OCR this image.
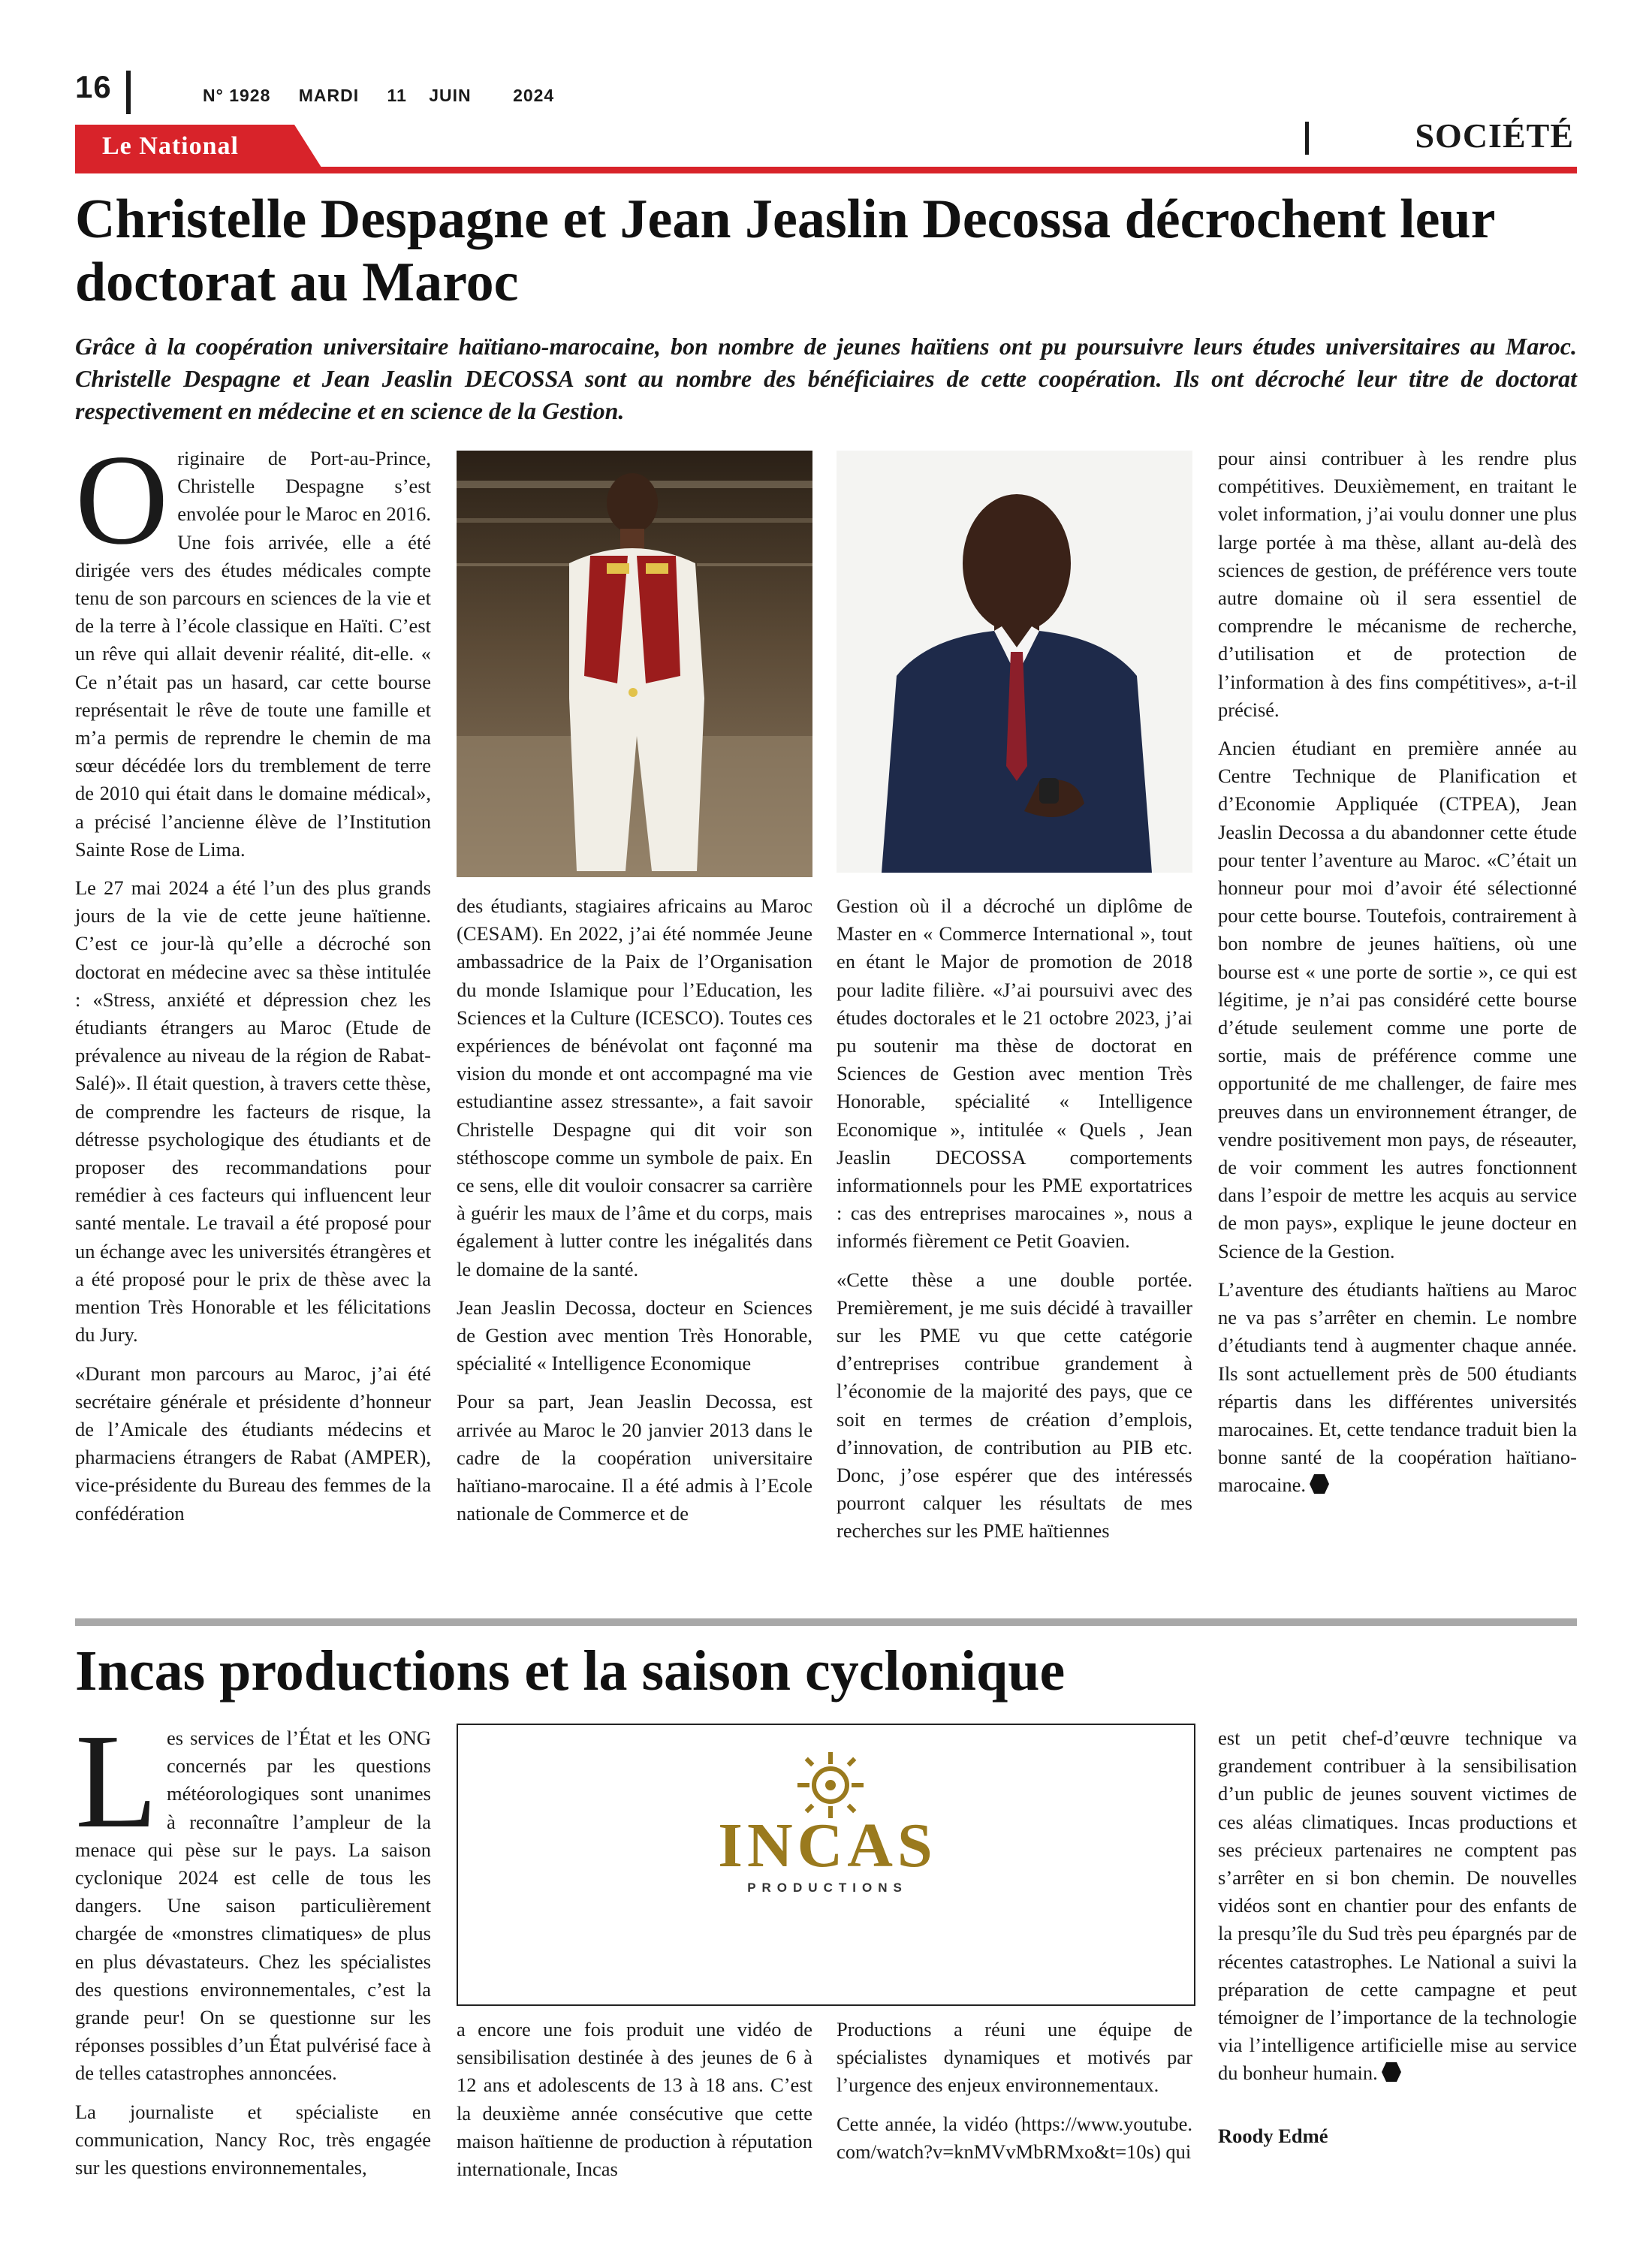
16	N° 1928 MARDI 11 JUIN 2024
Le National	SOCIÉTÉ
Christelle Despagne et Jean Jeaslin Decossa décrochent leur doctorat au Maroc
Grâce à la coopération universitaire haïtiano-marocaine, bon nombre de jeunes haïtiens ont pu poursuivre leurs études universitaires au Maroc. Christelle Despagne et Jean Jeaslin DECOSSA sont au nombre des bénéficiaires de cette coopération. Ils ont décroché leur titre de doctorat respectivement en médecine et en science de la Gestion.

Originaire de Port-au-Prince, Christelle Despagne s’est envolée pour le Maroc en 2016. Une fois arrivée, elle a été dirigée vers des études médicales compte tenu de son parcours en sciences de la vie et de la terre à l’école classique en Haïti. C’est un rêve qui allait devenir réalité, dit-elle. « Ce n’était pas un hasard, car cette bourse représentait le rêve de toute une famille et m’a permis de reprendre le chemin de ma sœur décédée lors du tremblement de terre de 2010 qui était dans le domaine médical», a précisé l’ancienne élève de l’Institution Sainte Rose de Lima.

Le 27 mai 2024 a été l’un des plus grands jours de la vie de cette jeune haïtienne. C’est ce jour-là qu’elle a décroché son doctorat en médecine avec sa thèse intitulée : «Stress, anxiété et dépression chez les étudiants étrangers au Maroc (Etude de prévalence au niveau de la région de Rabat-Salé)». Il était question, à travers cette thèse, de comprendre les facteurs de risque, la détresse psychologique des étudiants et de proposer des recommandations pour remédier à ces facteurs qui influencent leur santé mentale. Le travail a été proposé pour un échange avec les universités étrangères et a été proposé pour le prix de thèse avec la mention Très Honorable et les félicitations du Jury.

«Durant mon parcours au Maroc, j’ai été secrétaire générale et présidente d’honneur de l’Amicale des étudiants médecins et pharmaciens étrangers de Rabat (AMPER), vice-présidente du Bureau des femmes de la confédération

des étudiants, stagiaires africains au Maroc (CESAM). En 2022, j’ai été nommée Jeune ambassadrice de la Paix de l’Organisation du monde Islamique pour l’Education, les Sciences et la Culture (ICESCO). Toutes ces expériences de bénévolat ont façonné ma vision du monde et ont accompagné ma vie estudiantine assez stressante», a fait savoir Christelle Despagne qui dit voir son stéthoscope comme un symbole de paix. En ce sens, elle dit vouloir consacrer sa carrière à guérir les maux de l’âme et du corps, mais également à lutter contre les inégalités dans le domaine de la santé.

Jean Jeaslin Decossa, docteur en Sciences de Gestion avec mention Très Honorable, spécialité « Intelligence Economique

Pour sa part, Jean Jeaslin Decossa, est arrivée au Maroc le 20 janvier 2013 dans le cadre de la coopération universitaire haïtiano-marocaine. Il a été admis à l’Ecole nationale de Commerce et de

Gestion où il a décroché un diplôme de Master en « Commerce International », tout en étant le Major de promotion de 2018 pour ladite filière. «J’ai poursuivi avec des études doctorales et le 21 octobre 2023, j’ai pu soutenir ma thèse de doctorat en Sciences de Gestion avec mention Très Honorable, spécialité « Intelligence Economique », intitulée « Quels , Jean Jeaslin DECOSSA comportements informationnels pour les PME exportatrices : cas des entreprises marocaines », nous a informés fièrement ce Petit Goavien.

«Cette thèse a une double portée. Premièrement, je me suis décidé à travailler sur les PME vu que cette catégorie d’entreprises contribue grandement à l’économie de la majorité des pays, que ce soit en termes de création d’emplois, d’innovation, de contribution au PIB etc. Donc, j’ose espérer que des intéressés pourront calquer les résultats de mes recherches sur les PME haïtiennes

pour ainsi contribuer à les rendre plus compétitives. Deuxièmement, en traitant le volet information, j’ai voulu donner une plus large portée à ma thèse, allant au-delà des sciences de gestion, de préférence vers toute autre domaine où il sera essentiel de comprendre le mécanisme de recherche, d’utilisation et de protection de l’information à des fins compétitives», a-t-il précisé.

Ancien étudiant en première année au Centre Technique de Planification et d’Economie Appliquée (CTPEA), Jean Jeaslin Decossa a du abandonner cette étude pour tenter l’aventure au Maroc. «C’était un honneur pour moi d’avoir été sélectionné pour cette bourse. Toutefois, contrairement à bon nombre de jeunes haïtiens, où une bourse est « une porte de sortie », ce qui est légitime, je n’ai pas considéré cette bourse d’étude seulement comme une porte de sortie, mais de préférence comme une opportunité de me challenger, de faire mes preuves dans un environnement étranger, de vendre positivement mon pays, de réseauter, de voir comment les autres fonctionnent dans l’espoir de mettre les acquis au service de mon pays», explique le jeune docteur en Science de la Gestion.

L’aventure des étudiants haïtiens au Maroc ne va pas s’arrêter en chemin. Le nombre d’étudiants tend à augmenter chaque année. Ils sont actuellement près de 500 étudiants répartis dans les différentes universités marocaines. Et, cette tendance traduit bien la bonne santé de la coopération haïtiano-marocaine.

Incas productions et la saison cyclonique

Les services de l’État et les ONG concernés par les questions météorologiques sont unanimes à reconnaître l’ampleur de la menace qui pèse sur le pays. La saison cyclonique 2024 est celle de tous les dangers. Une saison particulièrement chargée de «monstres climatiques» de plus en plus dévastateurs. Chez les spécialistes des questions environnementales, c’est la grande peur! On se questionne sur les réponses possibles d’un État pulvérisé face à de telles catastrophes annoncées.

La journaliste et spécialiste en communication, Nancy Roc, très engagée sur les questions environnementales,

INCAS
PRODUCTIONS

a encore une fois produit une vidéo de sensibilisation destinée à des jeunes de 6 à 12 ans et adolescents de 13 à 18 ans. C’est la deuxième année consécutive que cette maison haïtienne de production à réputation internationale, Incas

Productions a réuni une équipe de spécialistes dynamiques et motivés par l’urgence des enjeux environnementaux.

Cette année, la vidéo (https://www.youtube.com/watch?v=knMVvMbRMxo&t=10s) qui

est un petit chef-d’œuvre technique va grandement contribuer à la sensibilisation d’un public de jeunes souvent victimes de ces aléas climatiques. Incas productions et ses précieux partenaires ne comptent pas s’arrêter en si bon chemin. De nouvelles vidéos sont en chantier pour des enfants de la presqu’île du Sud très peu épargnés par de récentes catastrophes. Le National a suivi la préparation de cette campagne et peut témoigner de l’importance de la technologie via l’intelligence artificielle mise au service du bonheur humain.

Roody Edmé
